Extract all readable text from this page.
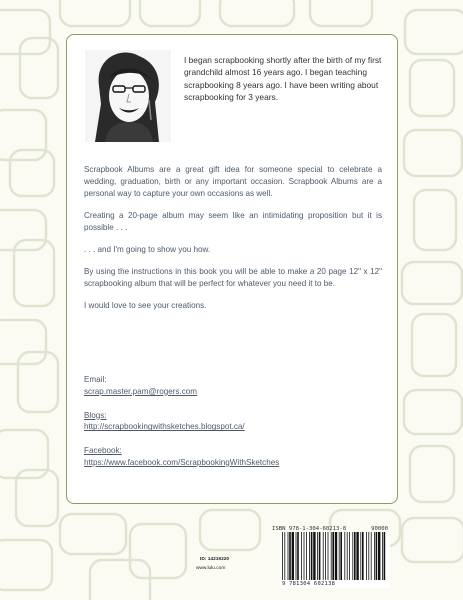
I began scrapbooking shortly after the birth of my first grandchild almost 16 years ago. I began teaching scrapbooking 8 years ago. I have been writing about scrapbooking for 3 years.

Scrapbook Albums are a great gift idea for someone special to celebrate a wedding, graduation, birth or any important occasion. Scrapbook Albums are a personal way to capture your own occasions as well.

Creating a 20-page album may seem like an intimidating proposition but it is possible . . .

. . . and I'm going to show you how.

By using the instructions in this book you will be able to make a 20 page 12" x 12" scrapbooking album that will be perfect for whatever you need it to be.

I would love to see your creations.

Email:
scrap.master.pam@rogers.com
Blogs:
http://scrapbookingwithsketches.blogspot.ca/
Facebook:
https://www.facebook.com/ScrapbookingWithSketches
ISBN 978-1-304-60213-8	90000
9 781304 602138
ID: 14219220
www.lulu.com
